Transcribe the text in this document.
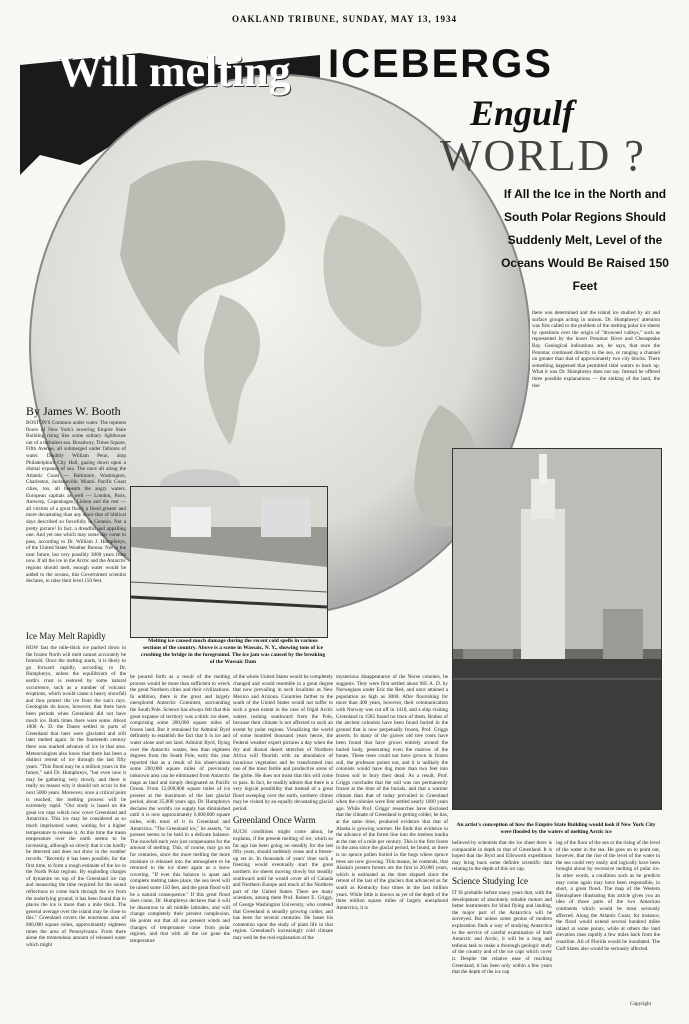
OAKLAND TRIBUNE, SUNDAY, MAY 13, 1934
Will melting ICEBERGS
Engulf
WORLD ?
If All the Ice in the North and South Polar Regions Should Suddenly Melt, Level of the Oceans Would Be Raised 150 Feet
there was determined and the island ice studied by air and surface groups acting in unison. Dr. Humphreys' attention was first called to the problem of the melting polar ice sheets by questions over the origin of "drowned valleys," such as represented by the lower Potomac River and Chesapeake Bay. Geological indications are, he says, that once the Potomac continued directly to the sea, or ranging a channel on greater than that of approximately two city blocks. There something happened that permitted tidal waters to back up. What it was Dr. Humphreys does not say. Instead he offered three possible explanations — the sinking of the land, the rise
By James W. Booth
BOSTON'S Common under water. The topmost floors of New York's towering Empire State Building rising like some solitary lighthouse out of a turbulent sea. Broadway, Times Square, Fifth Avenue, all submerged under fathoms of water. Doubtly William Penn, atop Philadelphia's City Hall, gazing down upon a dismal expanse of sea. The once all along the Atlantic Coast — Baltimore, Washington, Charleston, Jacksonville, Miami. Pacific Coast cities, too, all beneath the angry waters. European capitals as well — London, Paris, Antwerp, Copenhagen, Lisbon and the rest — all victims of a great flood, a flood greater and more devastating than any since that of biblical days described so forcefully in Genesis. Not a pretty picture! In fact, a dreadful and appalling one. And yet one which may some day come to pass, according to Dr. William J. Humphreys, of the United States Weather Bureau. Not in the near future, but very possibly 3000 years from now. If all the ice in the Arctic and the Antarctic regions should melt, enough water would be added to the oceans, this Government scientist declares, to raise their level 150 feet.
Ice May Melt Rapidly
HOW fast the mile-thick ice packed down in the frozen North will melt cannot accurately be foretold. Once the melting starts, it is likely to go forward rapidly, according to Dr. Humphreys, unless the equilibrium of the earth's crust is restored by some natural occurrence, such as a number of volcanic eruptions, which would cause a heavy snowfall and thus protect the ice from the sun's rays. Geologists do know, however, that there have been periods when Greenland did not have much ice. Both times there were some. About 1000 A. D. the Danes settled in parts of Greenland that later were glaciated and still later melted again. In the fourteenth century there was marked advance of ice in that area. Meteorologists also know that there has been a distinct retreat of ice through the last fifty years. "This flood may be a million years in the future," said Dr. Humphreys, "but even now it may be gathering very slowly, and there is really no reason why it should not occur in the next 5000 years. Moreover, once a critical point is reached, the melting process will be extremely rapid. "Our study is based on the great ice caps which now cover Greenland and Antarctica. This ice may be considered as so much imprisoned water, waiting for a higher temperature to release it. At this time the mean temperature over the earth seems to be increasing, although so slowly that it can hardly be detected and does not show in the weather records. "Recently it has been possible, for the first time, to form a rough estimate of the ice in the North Polar regions. By exploding charges of dynamite on top of the Greenland ice cap and measuring the time required for the sound reflections to come back through the ice from the underlying ground, it has been found that in places the ice is more than a mile thick. The general average over the island may be close to this." Greenland covers the enormous area of 800,000 square miles, approximately eighteen times the area of Pennsylvania. From there alone the tremendous amount of released water which might
Melting ice caused much damage during the recent cold spells in various sections of the country. Above is a scene in Wassaic, N. Y., showing tons of ice crushing the bridge in the foreground. The ice jam was caused by the breaking of the Wassaic Dam
be poured forth as a result of the melting process would be more than sufficient to wreck the great Northern cities and their civilizations. In addition, there is the great and largely unexplored Antarctic Continent, surrounding the South Pole. Science has always felt that this great expanse of territory was a thick ice sheet, comprising some 200,000 square miles of frozen land. But it remained for Admiral Byrd definitely to establish the fact that it is ice and water alone and not land. Admiral Byrd, flying over the Antarctic wastes, less than eighteen degrees from the South Pole, early this year reported that as a result of his observations some 200,000 square miles of previously unknown area can be eliminated from Antarctic maps as land and simply designated as Pacific Ocean. From 12,000,000 square miles of ice present at the maximum of the last glacial period, about 25,000 years ago, Dr. Humphreys declares the world's ice supply has diminished until it is now approximately 6,000,000 square miles, with most of it in Greenland and Antarctica. "The Greenland ice," he asserts, "at present seems to be held in a delicate balance. The snowfall each year just compensates for the amount of melting. This, of course, may go on for centuries, since the more melting the more moisture is released into the atmosphere to be returned to the ice sheet again as a snow covering. "If ever this balance is upset and complete melting takes place, the sea level will be raised some 150 feet, and the great flood will be a natural consequence." If this great flood does come, Dr. Humphreys declares that it will be disastrous to all middle latitudes, and will change completely their present complexion. He points out that all our present winds and changes of temperature come from polar regions, and that with all the ice gone the temperature
of the whole United States would be completely changed and would resemble in a great degree that now prevailing in such localities as New Mexico and Arizona. Countries farther to the south of the United States would not suffer to such a great extent in the case of frigid Arctic waters rushing southward from the Pole, because their climate is not affected to such an extent by polar regions. Visualizing the world of some hundred thousand years hence, the Federal weather expert pictures a day when the dry and dismal desert stretches of Northern Africa will flourish with an abundance of luxurious vegetation and be transformed into one of the most fertile and productive areas of the globe. He does not insist that this will come to pass. In fact, he readily admits that there is a very logical possibility that instead of a great flood sweeping over the earth, northern climes may be visited by an equally devastating glacial period.
Greenland Once Warm
SUCH conditions might come about, he explains, if the present melting of ice, which so far ago has been going on steadily for the last fifty years, should suddenly cease and a freeze-up set in. In thousands of years' time such a freezing would eventually start the great northern ice sheets moving slowly but steadily southward until he would cover all of Canada and Northern Europe and much of the Northern part of the United States. There are many scientists, among them Prof. Robert E. Griggs, of George Washington University, who contend that Greenland is steadily growing colder, and has been for several centuries. He bases his contention upon the study of plant life in that region. Greenland's increasingly cold climate may well be the real explanation of the
mysterious disappearance of the Norse colonies, he suggests. They were first settled about 985 A. D. by Norwegians under Eric the Red, and once attained a population as high as 3000. After flourishing for more than 400 years, however, their communication with Norway was cut off in 1410, and a ship visiting Greenland in 1585 found no trace of them. Bodies of the ancient colonists have been found buried in the ground that is now perpetually frozen, Prof. Griggs asserts. In many of the graves old tree roots have been found that have grown entirely around the buried body, penetrating even the marrow of the bones. These trees could not have grown in frozen soil, the professor points out, and it is unlikely the colonists would have dug more than two feet into frozen soil to bury their dead. As a result, Prof. Griggs concludes that the soil was not permanently frozen at the time of the burials, and that a warmer climate than that of today prevailed in Greenland when the colonies were first settled nearly 1000 years ago. While Prof. Griggs' researches have disclosed that the climate of Greenland is getting colder, he has, at the same time, produced evidence that that of Alaska is growing warmer. He finds this evidence in the advance of the forest line into the treeless tundra at the rate of a mile per century. This is the first forest in the area since the glacial period, he found, as there is no spruce pollen buried in the bogs where spruce trees are now growing. This means, he contends, that Alaska's present forests are the first in 20,000 years, which is estimated as the time elapsed since the retreat of the last of the glaciers that advanced as far south as Kentucky four times in the last million years. While little is known as yet of the depth of the three million square miles of largely unexplored Antarctica, it is
An artist's conception of how the Empire State Building would look if New York City were flooded by the waters of melting Arctic ice
believed by scientists that the ice sheet there is comparable in depth to that of Greenland. It is hoped that the Byrd and Ellsworth expeditions may bring back some definite scientific data relating to the depth of this ice cap.
Science Studying Ice
IT IS probable before many years that, with the development of absolutely reliable motors and better instruments for blind flying and landing, the major part of the Antarctica will be surveyed. But unless some genius of modern exploration finds a way of studying Antarctica to the service of careful examination of both Antarctic and Arctic, it will be a long and tedious task to make a thorough geologic study of the country and of the ice caps which cover it. Despite the relative ease of reaching Greenland, it has been only within a few years that the depth of the ice cap
ing of the floor of the sea or the rising of the level of the water in the sea. He goes on to point out, however, that the rise of the level of the water in the sea could very easily and logically have been brought about by excessive melting of polar ice. In other words, a condition such as he predicts may come again may have been responsible, in short, a great flood. The map of the Western Hemisphere illustrating this article gives you an idea of those parts of the two American continents which would be most seriously affected. Along the Atlantic Coast, for instance, the flood would extend several hundred miles inland at some points, while at others the land elevation rises rapidly a few miles back from the coastline. All of Florida would be inundated. The Gulf States also would be seriously affected.
Copyright
